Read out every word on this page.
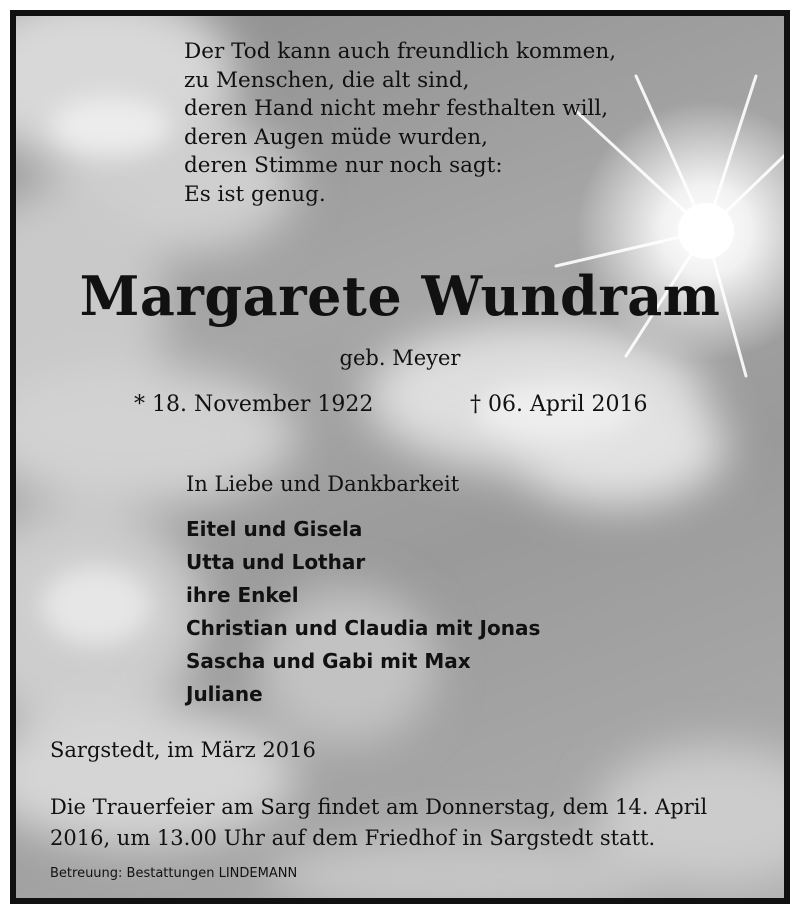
Der Tod kann auch freundlich kommen,
zu Menschen, die alt sind,
deren Hand nicht mehr festhalten will,
deren Augen müde wurden,
deren Stimme nur noch sagt:
Es ist genug.
Margarete Wundram
geb. Meyer
* 18. November 1922	† 06. April 2016
In Liebe und Dankbarkeit
Eitel und Gisela
Utta und Lothar
ihre Enkel
Christian und Claudia mit Jonas
Sascha und Gabi mit Max
Juliane
Sargstedt, im März 2016
Die Trauerfeier am Sarg findet am Donnerstag, dem 14. April
2016, um 13.00 Uhr auf dem Friedhof in Sargstedt statt.
Betreuung: Bestattungen LINDEMANN
